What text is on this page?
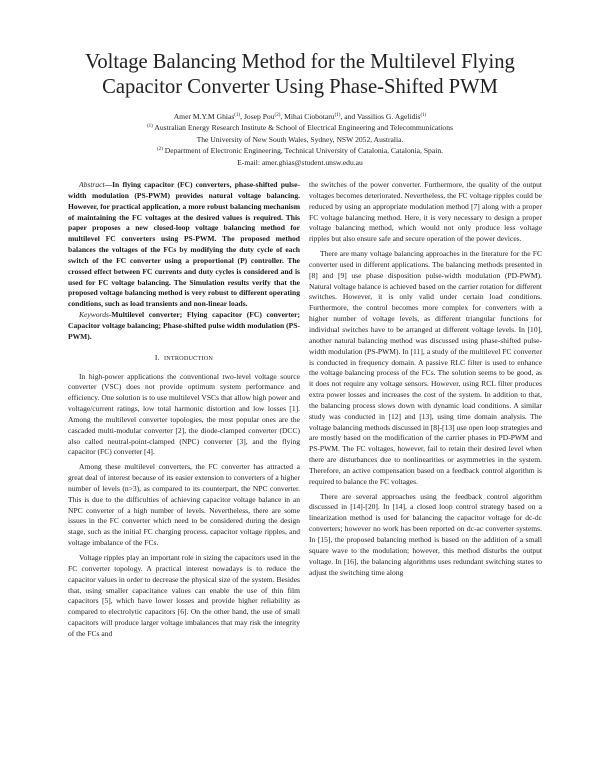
Voltage Balancing Method for the Multilevel Flying
Capacitor Converter Using Phase-Shifted PWM
Amer M.Y.M Ghias$^{(1)}$, Josep Pou$^{(2)}$, Mihai Ciobotaru$^{(1)}$, and Vassilios G. Agelidis$^{(1)}$
$^{(1)}$ Australian Energy Research Institute & School of Electrical Engineering and Telecommunications
The University of New South Wales, Sydney, NSW 2052, Australia.
$^{(2)}$ Department of Electronic Engineering, Technical University of Catalonia, Catalonia, Spain.
E-mail: amer.ghias@student.unsw.edu.au

Abstract—In flying capacitor (FC) converters, phase-shifted pulse-width modulation (PS-PWM) provides natural voltage balancing. However, for practical application, a more robust balancing mechanism of maintaining the FC voltages at the desired values is required. This paper proposes a new closed-loop voltage balancing method for multilevel FC converters using PS-PWM. The proposed method balances the voltages of the FCs by modifying the duty cycle of each switch of the FC converter using a proportional (P) controller. The crossed effect between FC currents and duty cycles is considered and is used for FC voltage balancing. The Simulation results verify that the proposed voltage balancing method is very robust to different operating conditions, such as load transients and non-linear loads.

Keywords-Multilevel converter; Flying capacitor (FC) converter; Capacitor voltage balancing; Phase-shifted pulse width modulation (PS-PWM).

I. INTRODUCTION

In high-power applications the conventional two-level voltage source converter (VSC) does not provide optimum system performance and efficiency. One solution is to use multilevel VSCs that allow high power and voltage/current ratings, low total harmonic distortion and low losses [1]. Among the multilevel converter topologies, the most popular ones are the cascaded multi-modular converter [2], the diode-clamped converter (DCC) also called neutral-point-clamped (NPC) converter [3], and the flying capacitor (FC) converter [4].

Among these multilevel converters, the FC converter has attracted a great deal of interest because of its easier extension to converters of a higher number of levels (n>3), as compared to its counterpart, the NPC converter. This is due to the difficulties of achieving capacitor voltage balance in an NPC converter of a high number of levels. Nevertheless, there are some issues in the FC converter which need to be considered during the design stage, such as the initial FC charging process, capacitor voltage ripples, and voltage imbalance of the FCs.

Voltage ripples play an important role in sizing the capacitors used in the FC converter topology. A practical interest nowadays is to reduce the capacitor values in order to decrease the physical size of the system. Besides that, using smaller capacitance values can enable the use of thin film capacitors [5], which have lower losses and provide higher reliability as compared to electrolytic capacitors [6]. On the other hand, the use of small capacitors will produce larger voltage imbalances that may risk the integrity of the FCs and

the switches of the power converter. Furthermore, the quality of the output voltages becomes deteriorated. Nevertheless, the FC voltage ripples could be reduced by using an appropriate modulation method [7] along with a proper FC voltage balancing method. Here, it is very necessary to design a proper voltage balancing method, which would not only produce less voltage ripples but also ensure safe and secure operation of the power devices.

There are many voltage balancing approaches in the literature for the FC converter used in different applications. The balancing methods presented in [8] and [9] use phase disposition pulse-width modulation (PD-PWM). Natural voltage balance is achieved based on the carrier rotation for different switches. However, it is only valid under certain load conditions. Furthermore, the control becomes more complex for converters with a higher number of voltage levels, as different triangular functions for individual switches have to be arranged at different voltage levels. In [10], another natural balancing method was discussed using phase-shifted pulse-width modulation (PS-PWM). In [11], a study of the multilevel FC converter is conducted in frequency domain. A passive RLC filter is used to enhance the voltage balancing process of the FCs. The solution seems to be good, as it does not require any voltage sensors. However, using RCL filter produces extra power losses and increases the cost of the system. In addition to that, the balancing process slows down with dynamic load conditions. A similar study was conducted in [12] and [13], using time domain analysis. The voltage balancing methods discussed in [8]-[13] use open loop strategies and are mostly based on the modification of the carrier phases in PD-PWM and PS-PWM. The FC voltages, however, fail to retain their desired level when there are disturbances due to nonlinearities or asymmetries in the system. Therefore, an active compensation based on a feedback control algorithm is required to balance the FC voltages.

There are several approaches using the feedback control algorithm discussed in [14]-[20]. In [14], a closed loop control strategy based on a linearization method is used for balancing the capacitor voltage for dc-dc converters; however no work has been reported on dc-ac converter systems. In [15], the proposed balancing method is based on the addition of a small square wave to the modulation; however, this method disturbs the output voltage. In [16], the balancing algorithms uses redundant switching states to adjust the switching time along
